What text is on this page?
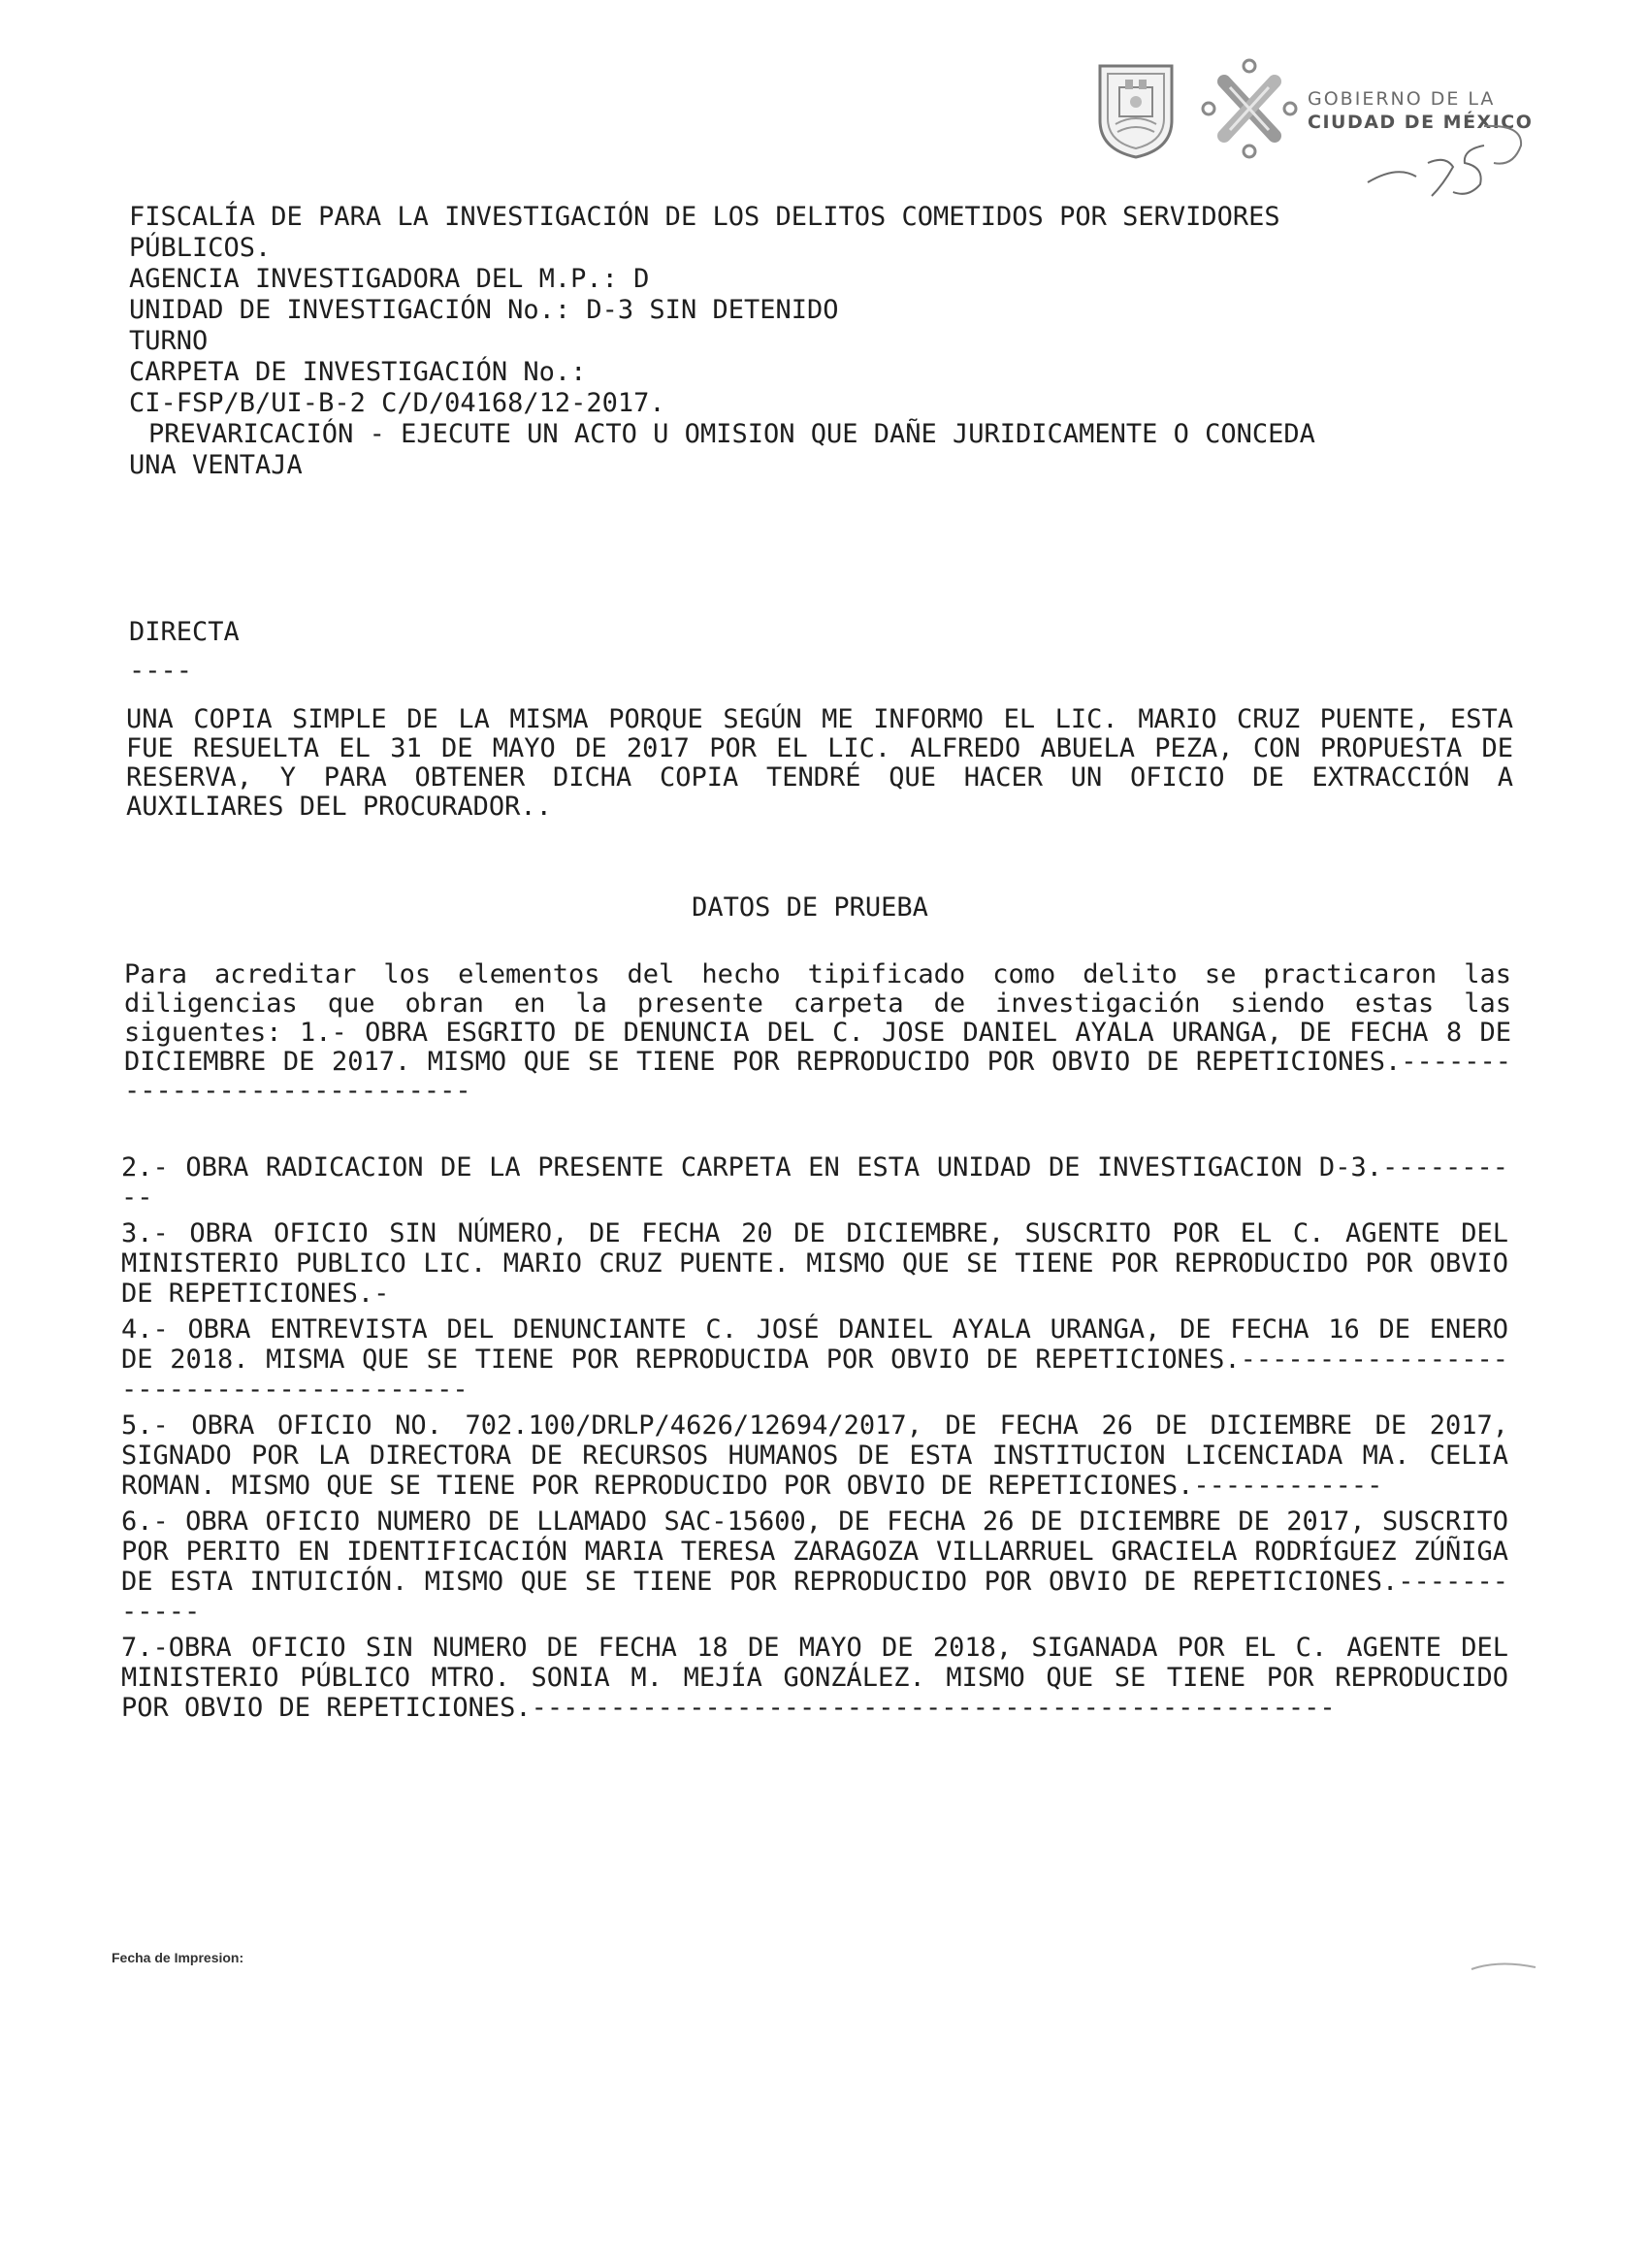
GOBIERNO DE LA
CIUDAD DE MÉXICO
FISCALÍA DE PARA LA INVESTIGACIÓN DE LOS DELITOS COMETIDOS POR SERVIDORES
PÚBLICOS.
AGENCIA INVESTIGADORA DEL M.P.: D
UNIDAD DE INVESTIGACIÓN No.: D-3 SIN DETENIDO
TURNO
CARPETA DE INVESTIGACIÓN No.:
CI-FSP/B/UI-B-2 C/D/04168/12-2017.
PREVARICACIÓN - EJECUTE UN ACTO U OMISION QUE DAÑE JURIDICAMENTE O CONCEDA
UNA VENTAJA
DIRECTA
----

UNA COPIA SIMPLE DE LA MISMA PORQUE SEGÚN ME INFORMO EL LIC. MARIO CRUZ PUENTE, ESTA FUE RESUELTA EL 31 DE MAYO DE 2017 POR EL LIC. ALFREDO ABUELA PEZA, CON PROPUESTA DE RESERVA, Y PARA OBTENER DICHA COPIA TENDRÉ QUE HACER UN OFICIO DE EXTRACCIÓN A AUXILIARES DEL PROCURADOR..

DATOS DE PRUEBA

Para acreditar los elementos del hecho tipificado como delito se practicaron las diligencias que obran en la presente carpeta de investigación siendo estas las siguentes: 1.- OBRA ESGRITO DE DENUNCIA DEL C. JOSE DANIEL AYALA URANGA, DE FECHA 8 DE DICIEMBRE DE 2017. MISMO QUE SE TIENE POR REPRODUCIDO POR OBVIO DE REPETICIONES.-----------------------------

2.- OBRA RADICACION DE LA PRESENTE CARPETA EN ESTA UNIDAD DE INVESTIGACION D-3.----------

3.- OBRA OFICIO SIN NÚMERO, DE FECHA 20 DE DICIEMBRE, SUSCRITO POR EL C. AGENTE DEL MINISTERIO PUBLICO LIC. MARIO CRUZ PUENTE. MISMO QUE SE TIENE POR REPRODUCIDO POR OBVIO DE REPETICIONES.-

4.- OBRA ENTREVISTA DEL DENUNCIANTE C. JOSÉ DANIEL AYALA URANGA, DE FECHA 16 DE ENERO DE 2018. MISMA QUE SE TIENE POR REPRODUCIDA POR OBVIO DE REPETICIONES.---------------------------------------

5.- OBRA OFICIO NO. 702.100/DRLP/4626/12694/2017, DE FECHA 26 DE DICIEMBRE DE 2017, SIGNADO POR LA DIRECTORA DE RECURSOS HUMANOS DE ESTA INSTITUCION LICENCIADA MA. CELIA ROMAN. MISMO QUE SE TIENE POR REPRODUCIDO POR OBVIO DE REPETICIONES.------------

6.- OBRA OFICIO NUMERO DE LLAMADO SAC-15600, DE FECHA 26 DE DICIEMBRE DE 2017, SUSCRITO POR PERITO EN IDENTIFICACIÓN MARIA TERESA ZARAGOZA VILLARRUEL GRACIELA RODRÍGUEZ ZÚÑIGA DE ESTA INTUICIÓN. MISMO QUE SE TIENE POR REPRODUCIDO POR OBVIO DE REPETICIONES.------------

7.-OBRA OFICIO SIN NUMERO DE FECHA 18 DE MAYO DE 2018, SIGANADA POR EL C. AGENTE DEL MINISTERIO PÚBLICO MTRO. SONIA M. MEJÍA GONZÁLEZ. MISMO QUE SE TIENE POR REPRODUCIDO POR OBVIO DE REPETICIONES.---------------------------------------------------

Fecha de Impresion:
